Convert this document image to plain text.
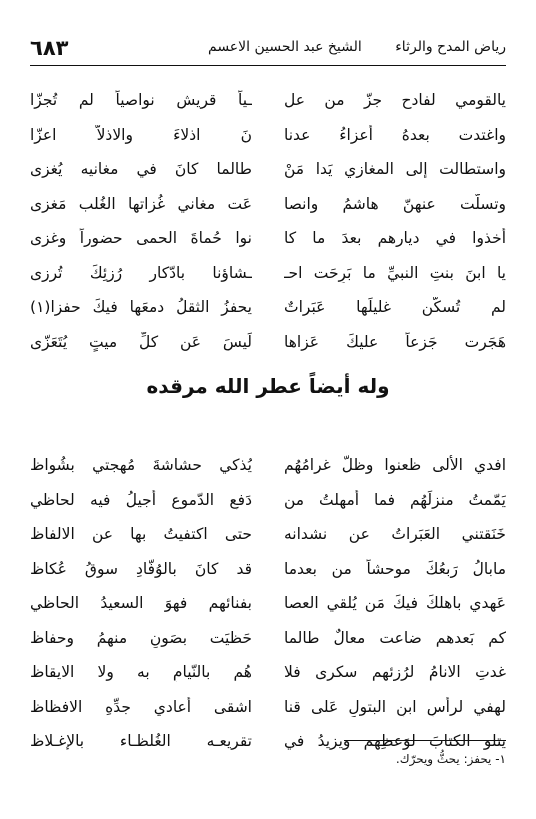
٦٨٣	الشيخ عبد الحسين الاعسم رياض المدح والرثاء
يالقومي لفادح جزّ من عل
ـياً قريش نواصياً لم تُجزّا
واغتدت بعدهُ أعزاءُ عدنا
نَ اذلاءَ والاذلاّ اعزّا
واستطالت إلى المغازي يَدا مَنْ
طالما كانَ في مغانيه يُغزى
وتسلّت عنهنّ هاشمُ وانصا
عَت مغاني غُزاتها الغُلب مَغزى
أخذوا في ديارهم بعدَ ما كا
نوا حُماةَ الحمى حضوراً وغزى
يا ابنَ بنتِ النبيِّ ما بَرِحَت احـ
ـشاؤنا بادّكار رُزئِكَ تُرزى
لم تُسكّن غليلَها عَبَراتٌ
يحفزُ الثقلُ دمعَها فيكَ حفزا(١)
هَجَرت جَزعاً عليكَ عَزاها
لَيسَ عَن كلِّ ميتٍ يُتَعَزّى
وله أيضاً عطر الله مرقده
افدي الألى ظعنوا وظلّ غرامُهُم
يُذكي حشاشةَ مُهجتي بشُواظ
يَمّمتُ منزلَهُم فما أمهلتُ من
دَفعِ الدّموعِ أجيلُ فيه لحاظي
خَنَقتني العَبَراتُ عن نشدانه
حتى اكتفيتُ بها عن الالفاظ
مابالُ رَبعُكَ موحشاً من بعدما
قد كانَ بالوُفّادِ سوقُ عُكاظ
عَهدي باهلكَ فيكَ مَن يُلقي العصا
بفنائهم فهوَ السعيدُ الحاظي
كم بَعدهم ضاعت معالٌ طالما
حَظيَت بصَونٍ منهمُ وحفاظ
غدتِ الانامُ لرُزئهم سكرى فلا
هُم بالنّيامِ به ولا الايقاظ
لهفي لرأسِ ابنِ البتولِ عَلى قنا
اشقى أعادي جدِّهِ الافظاظ
يتلو الكتابَ لوَعظِهم ويزيدُ في
تقريعـه الغُلظـاء بالإغـلاظ
١- يحفز: يحثُّ ويحرّك.
